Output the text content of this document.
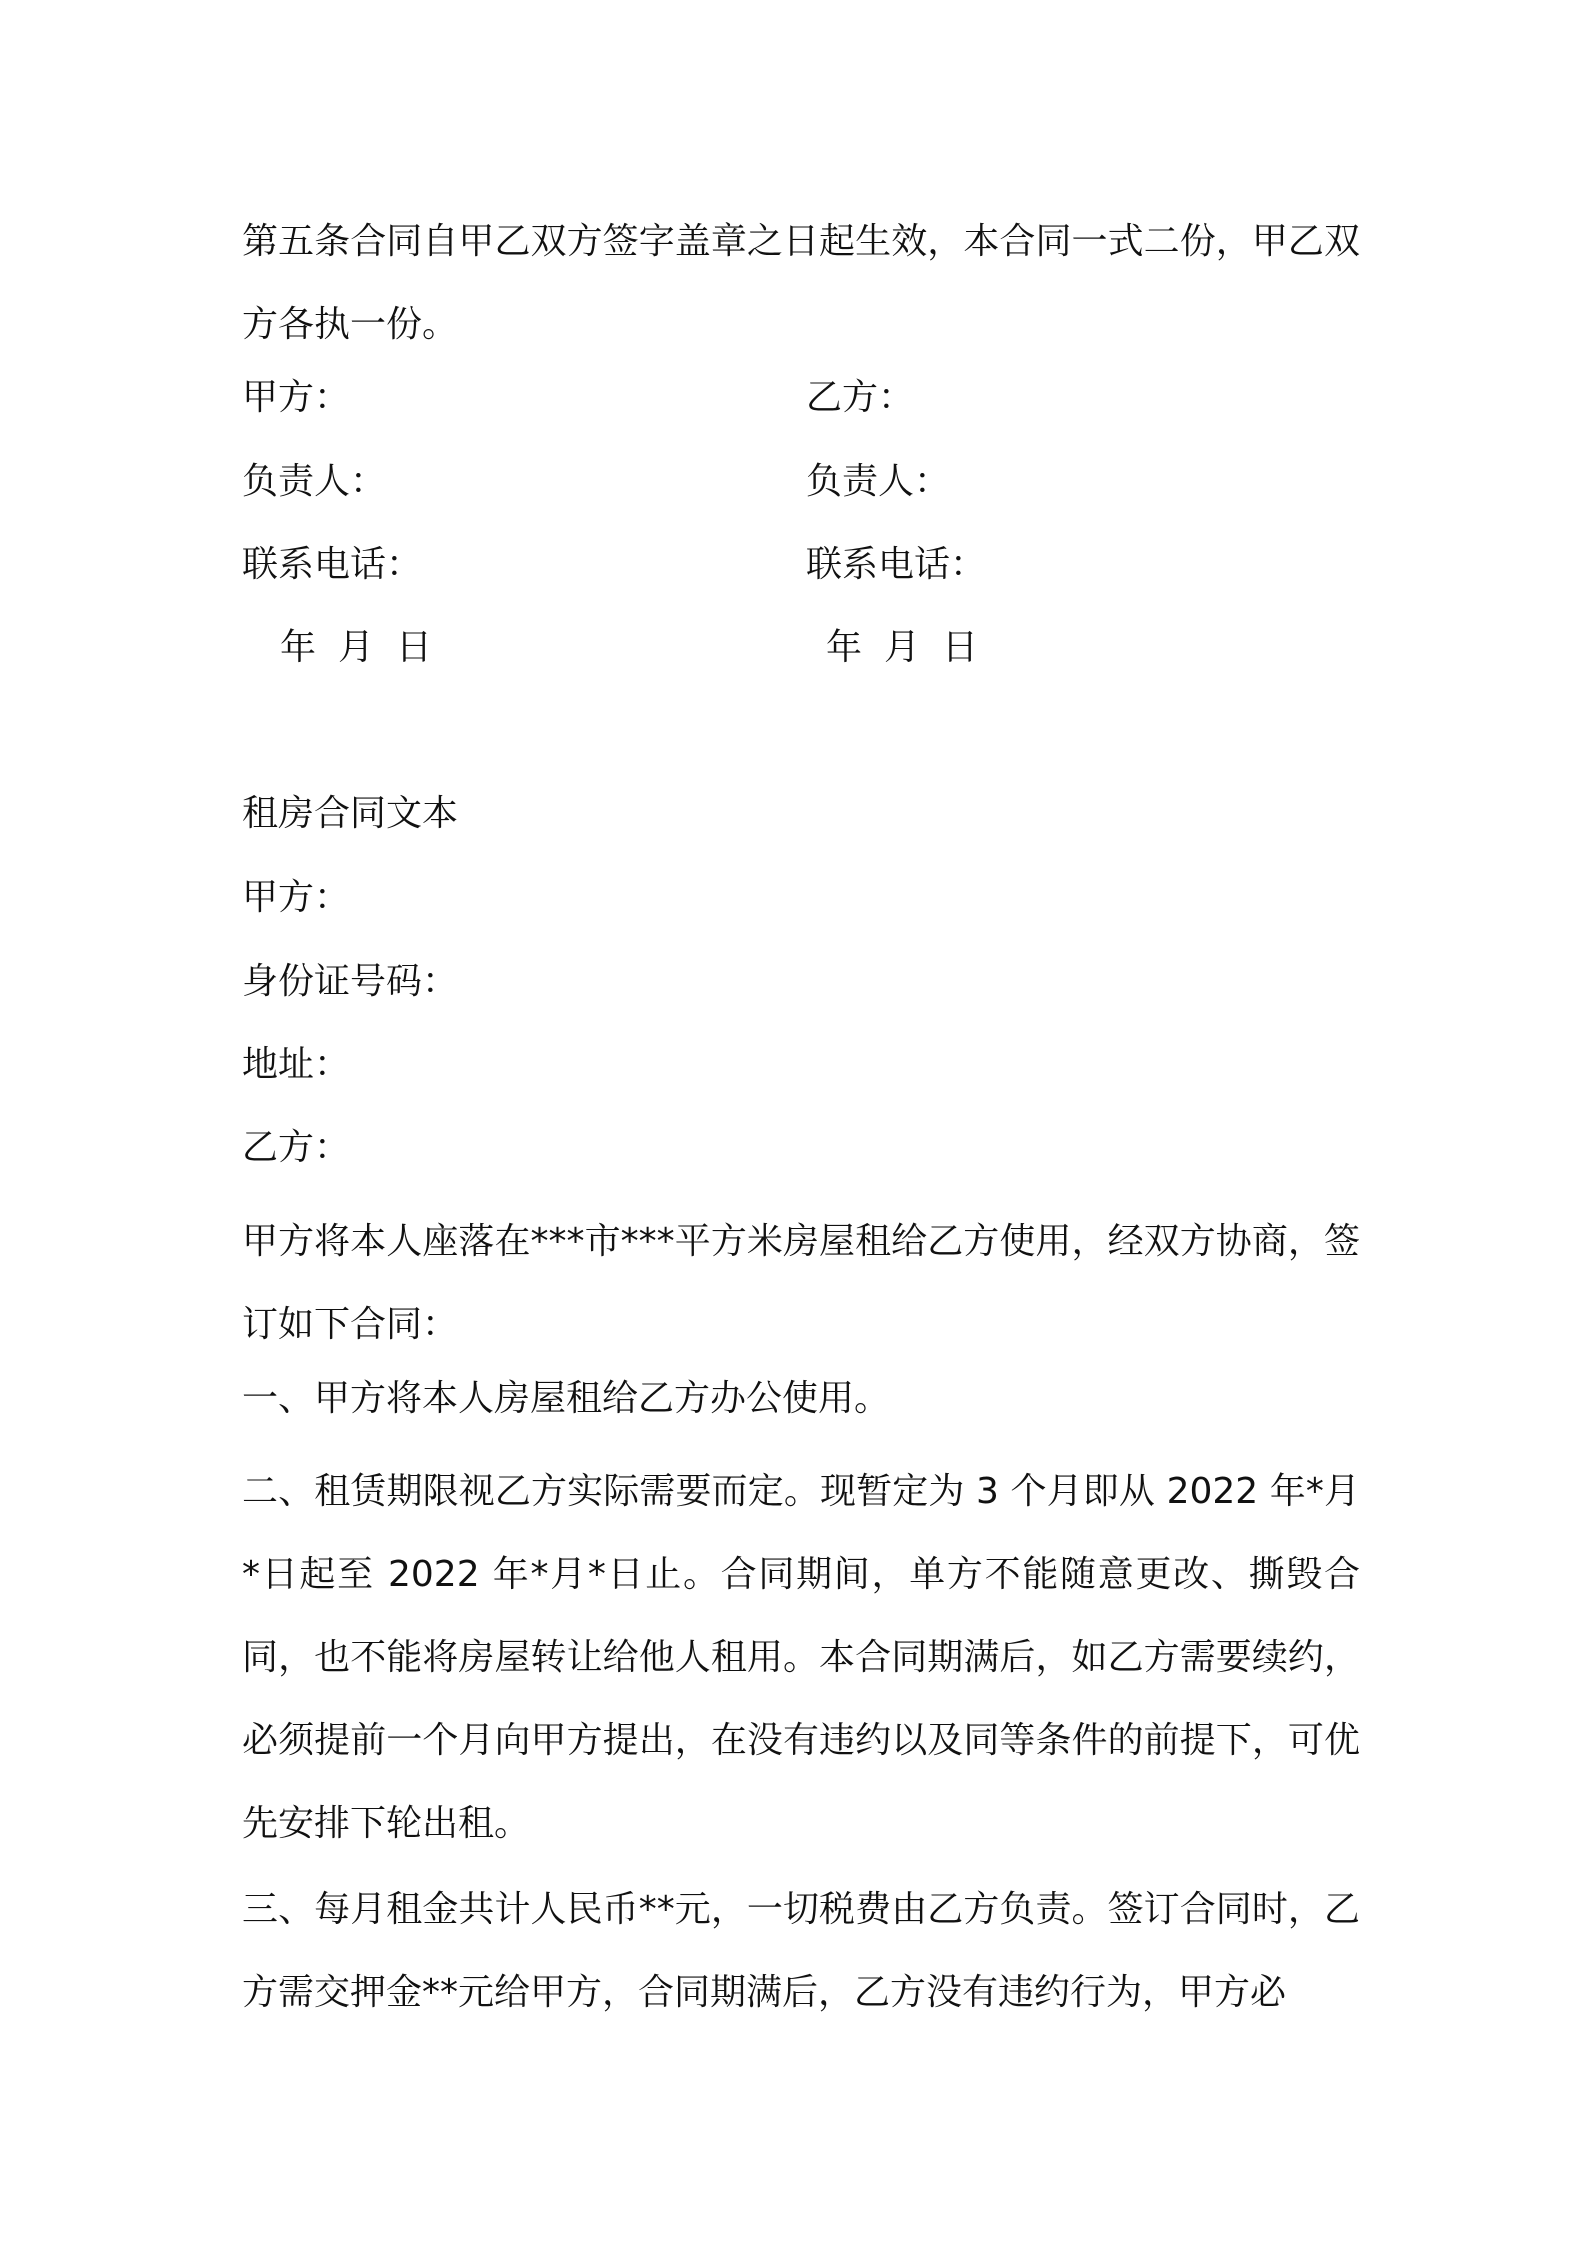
第五条合同自甲乙双方签字盖章之日起生效，本合同一式二份，甲乙双方各执一份。
甲方：	乙方：
负责人：	负责人：
联系电话：	联系电话：
年 月 日	年 月 日
租房合同文本
甲方：
身份证号码：
地址：
乙方：
甲方将本人座落在***市***平方米房屋租给乙方使用，经双方协商，签订如下合同：
一、甲方将本人房屋租给乙方办公使用。
二、租赁期限视乙方实际需要而定。现暂定为 3 个月即从 2022 年*月*日起至 2022 年*月*日止。合同期间，单方不能随意更改、撕毁合同，也不能将房屋转让给他人租用。本合同期满后，如乙方需要续约，必须提前一个月向甲方提出，在没有违约以及同等条件的前提下，可优先安排下轮出租。
三、每月租金共计人民币**元，一切税费由乙方负责。签订合同时，乙方需交押金**元给甲方，合同期满后，乙方没有违约行为，甲方必
